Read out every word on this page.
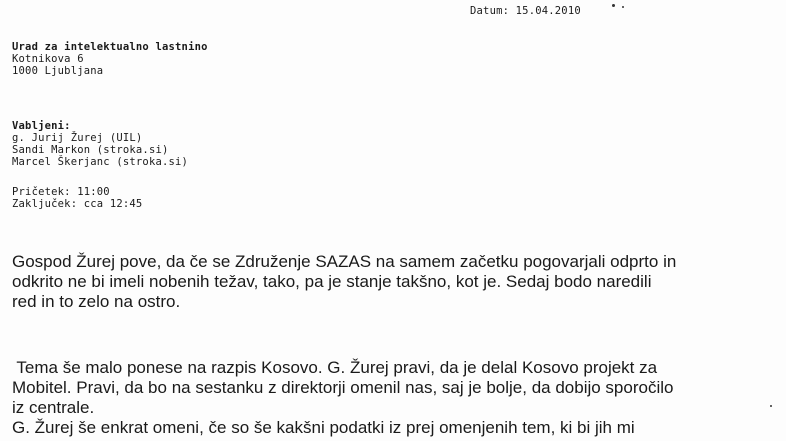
Datum: 15.04.2010
Urad za intelektualno lastnino
Kotnikova 6
1000 Ljubljana
Vabljeni:
g. Jurij Žurej (UIL)
Sandi Markon (stroka.si)
Marcel Škerjanc (stroka.si)
Pričetek: 11:00
Zaključek: cca 12:45
Gospod Žurej pove, da če se Združenje SAZAS na samem začetku pogovarjali odprto in
odkrito ne bi imeli nobenih težav, tako, pa je stanje takšno, kot je. Sedaj bodo naredili
red in to zelo na ostro.
Tema še malo ponese na razpis Kosovo. G. Žurej pravi, da je delal Kosovo projekt za
Mobitel. Pravi, da bo na sestanku z direktorji omenil nas, saj je bolje, da dobijo sporočilo
iz centrale.
G. Žurej še enkrat omeni, če so še kakšni podatki iz prej omenjenih tem, ki bi jih mi
